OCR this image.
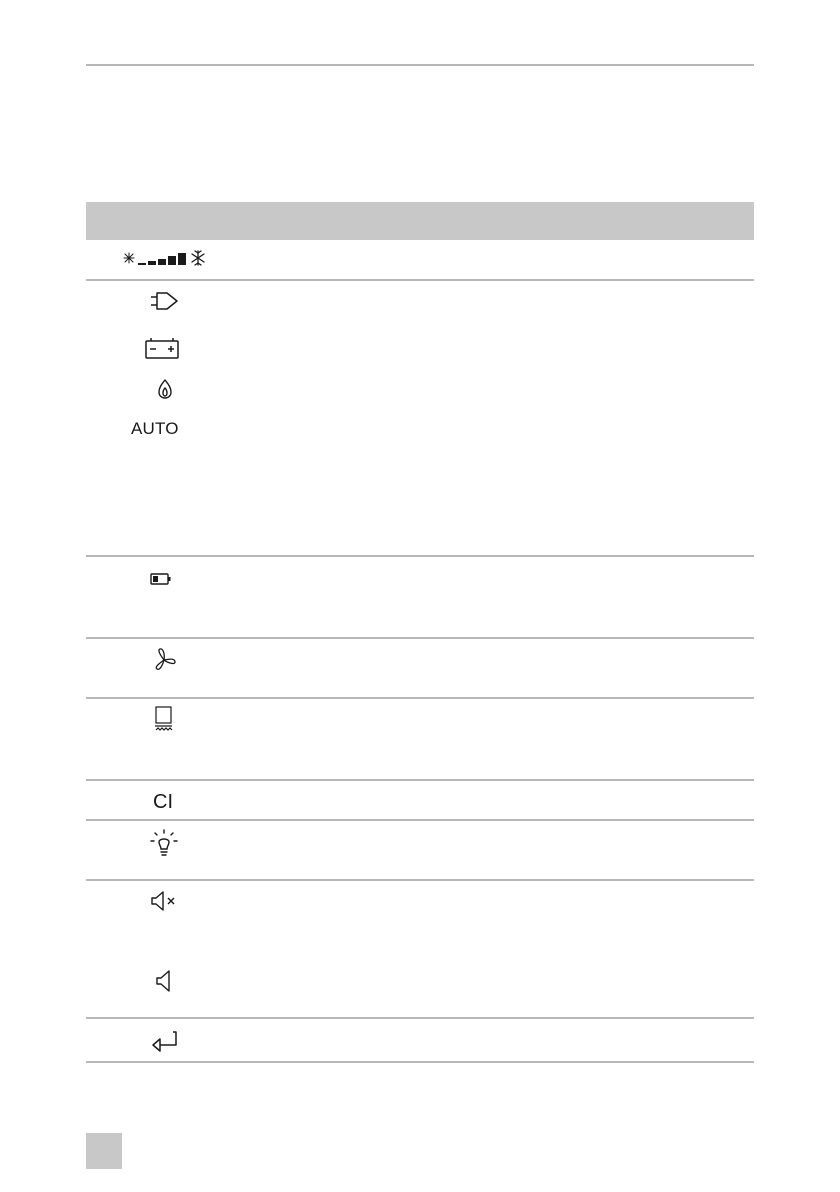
AUTO
CI
